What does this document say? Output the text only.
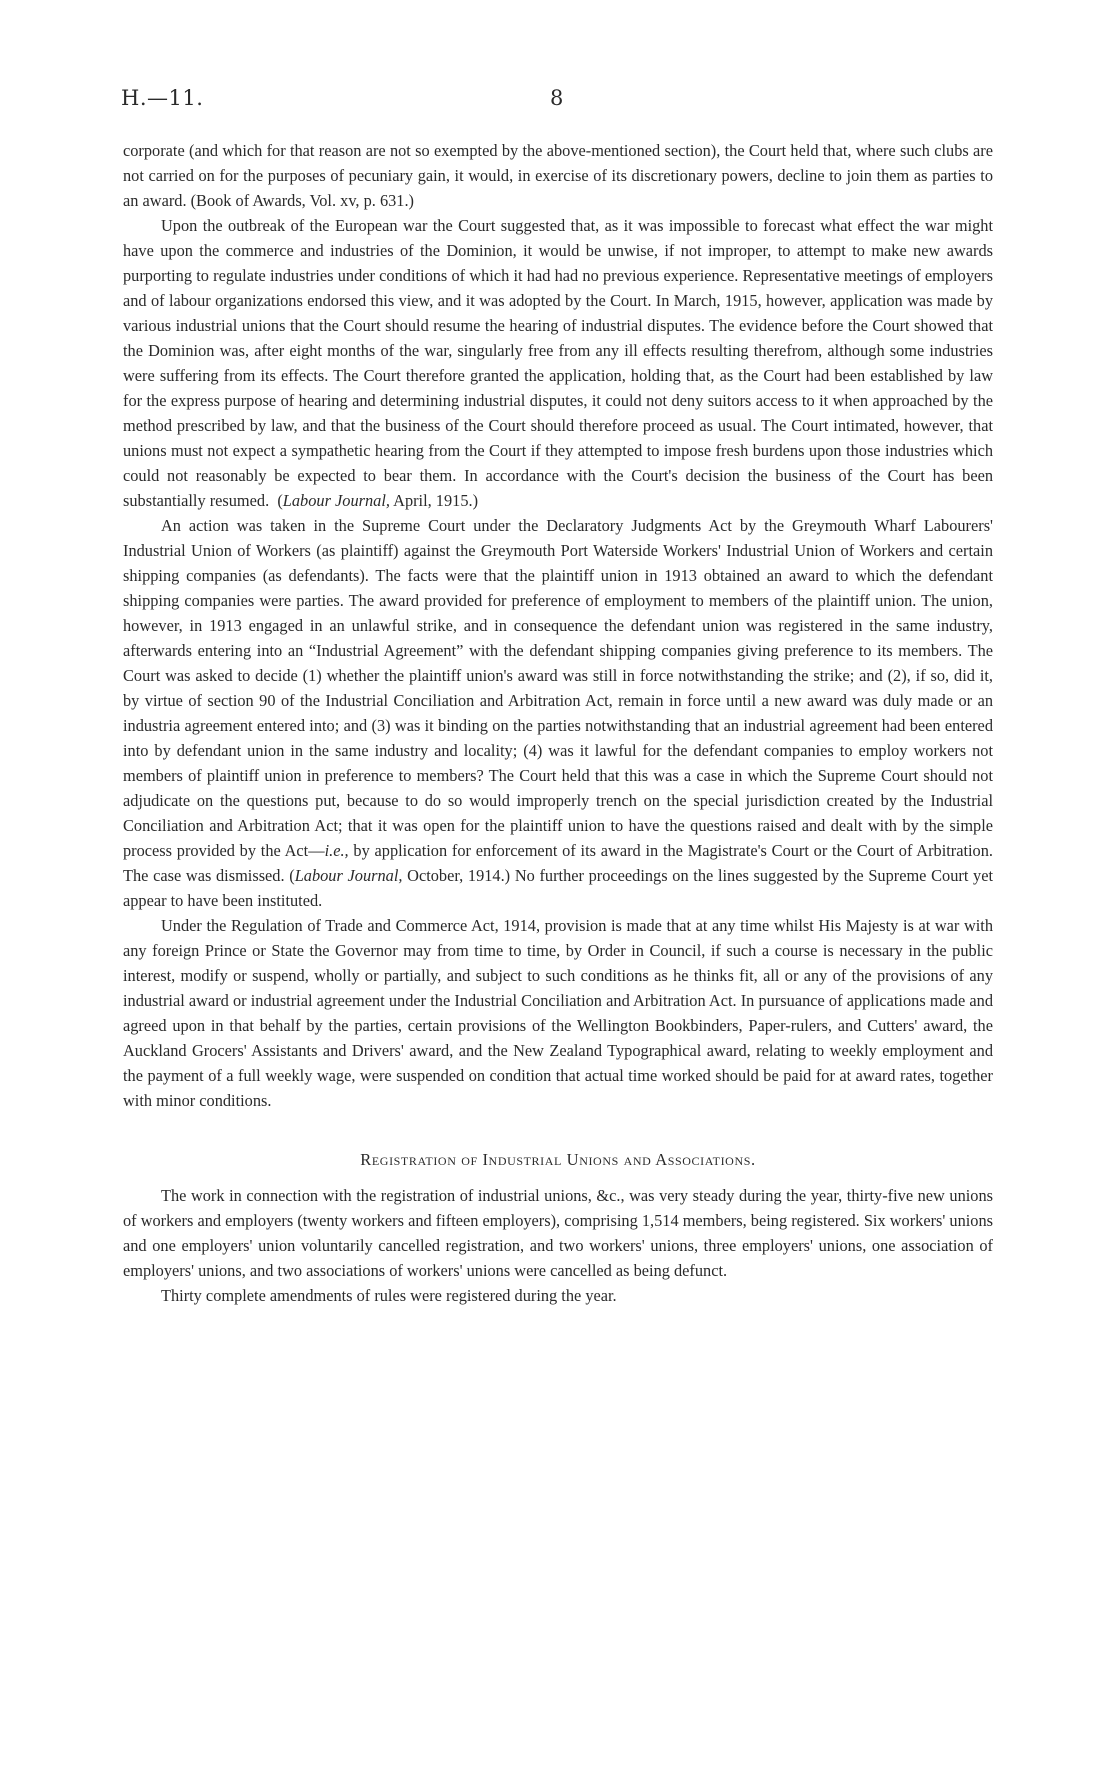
H.—11.	8

corporate (and which for that reason are not so exempted by the above-mentioned section), the Court held that, where such clubs are not carried on for the purposes of pecuniary gain, it would, in exercise of its discretionary powers, decline to join them as parties to an award. (Book of Awards, Vol. xv, p. 631.)

Upon the outbreak of the European war the Court suggested that, as it was impossible to forecast what effect the war might have upon the commerce and industries of the Dominion, it would be unwise, if not improper, to attempt to make new awards purporting to regulate industries under conditions of which it had had no previous experience. Representative meetings of employers and of labour organizations endorsed this view, and it was adopted by the Court. In March, 1915, however, application was made by various industrial unions that the Court should resume the hearing of industrial disputes. The evidence before the Court showed that the Dominion was, after eight months of the war, singularly free from any ill effects resulting therefrom, although some industries were suffering from its effects. The Court therefore granted the application, holding that, as the Court had been established by law for the express purpose of hearing and determining industrial disputes, it could not deny suitors access to it when approached by the method prescribed by law, and that the business of the Court should therefore proceed as usual. The Court intimated, however, that unions must not expect a sympathetic hearing from the Court if they attempted to impose fresh burdens upon those industries which could not reasonably be expected to bear them. In accordance with the Court's decision the business of the Court has been substantially resumed. (Labour Journal, April, 1915.)

An action was taken in the Supreme Court under the Declaratory Judgments Act by the Greymouth Wharf Labourers' Industrial Union of Workers (as plaintiff) against the Greymouth Port Waterside Workers' Industrial Union of Workers and certain shipping companies (as defendants). The facts were that the plaintiff union in 1913 obtained an award to which the defendant shipping companies were parties. The award provided for preference of employment to members of the plaintiff union. The union, however, in 1913 engaged in an unlawful strike, and in consequence the defendant union was registered in the same industry, afterwards entering into an “Industrial Agreement” with the defendant shipping companies giving preference to its members. The Court was asked to decide (1) whether the plaintiff union's award was still in force notwithstanding the strike; and (2), if so, did it, by virtue of section 90 of the Industrial Conciliation and Arbitration Act, remain in force until a new award was duly made or an industria agreement entered into; and (3) was it binding on the parties notwithstanding that an industrial agreement had been entered into by defendant union in the same industry and locality; (4) was it lawful for the defendant companies to employ workers not members of plaintiff union in preference to members? The Court held that this was a case in which the Supreme Court should not adjudicate on the questions put, because to do so would improperly trench on the special jurisdiction created by the Industrial Conciliation and Arbitration Act; that it was open for the plaintiff union to have the questions raised and dealt with by the simple process provided by the Act—i.e., by application for enforcement of its award in the Magistrate's Court or the Court of Arbitration. The case was dismissed. (Labour Journal, October, 1914.) No further proceedings on the lines suggested by the Supreme Court yet appear to have been instituted.

Under the Regulation of Trade and Commerce Act, 1914, provision is made that at any time whilst His Majesty is at war with any foreign Prince or State the Governor may from time to time, by Order in Council, if such a course is necessary in the public interest, modify or suspend, wholly or partially, and subject to such conditions as he thinks fit, all or any of the provisions of any industrial award or industrial agreement under the Industrial Conciliation and Arbitration Act. In pursuance of applications made and agreed upon in that behalf by the parties, certain provisions of the Wellington Bookbinders, Paper-rulers, and Cutters' award, the Auckland Grocers' Assistants and Drivers' award, and the New Zealand Typographical award, relating to weekly employment and the payment of a full weekly wage, were suspended on condition that actual time worked should be paid for at award rates, together with minor conditions.

Registration of Industrial Unions and Associations.

The work in connection with the registration of industrial unions, &c., was very steady during the year, thirty-five new unions of workers and employers (twenty workers and fifteen employers), comprising 1,514 members, being registered. Six workers' unions and one employers' union voluntarily cancelled registration, and two workers' unions, three employers' unions, one association of employers' unions, and two associations of workers' unions were cancelled as being defunct.

Thirty complete amendments of rules were registered during the year.
